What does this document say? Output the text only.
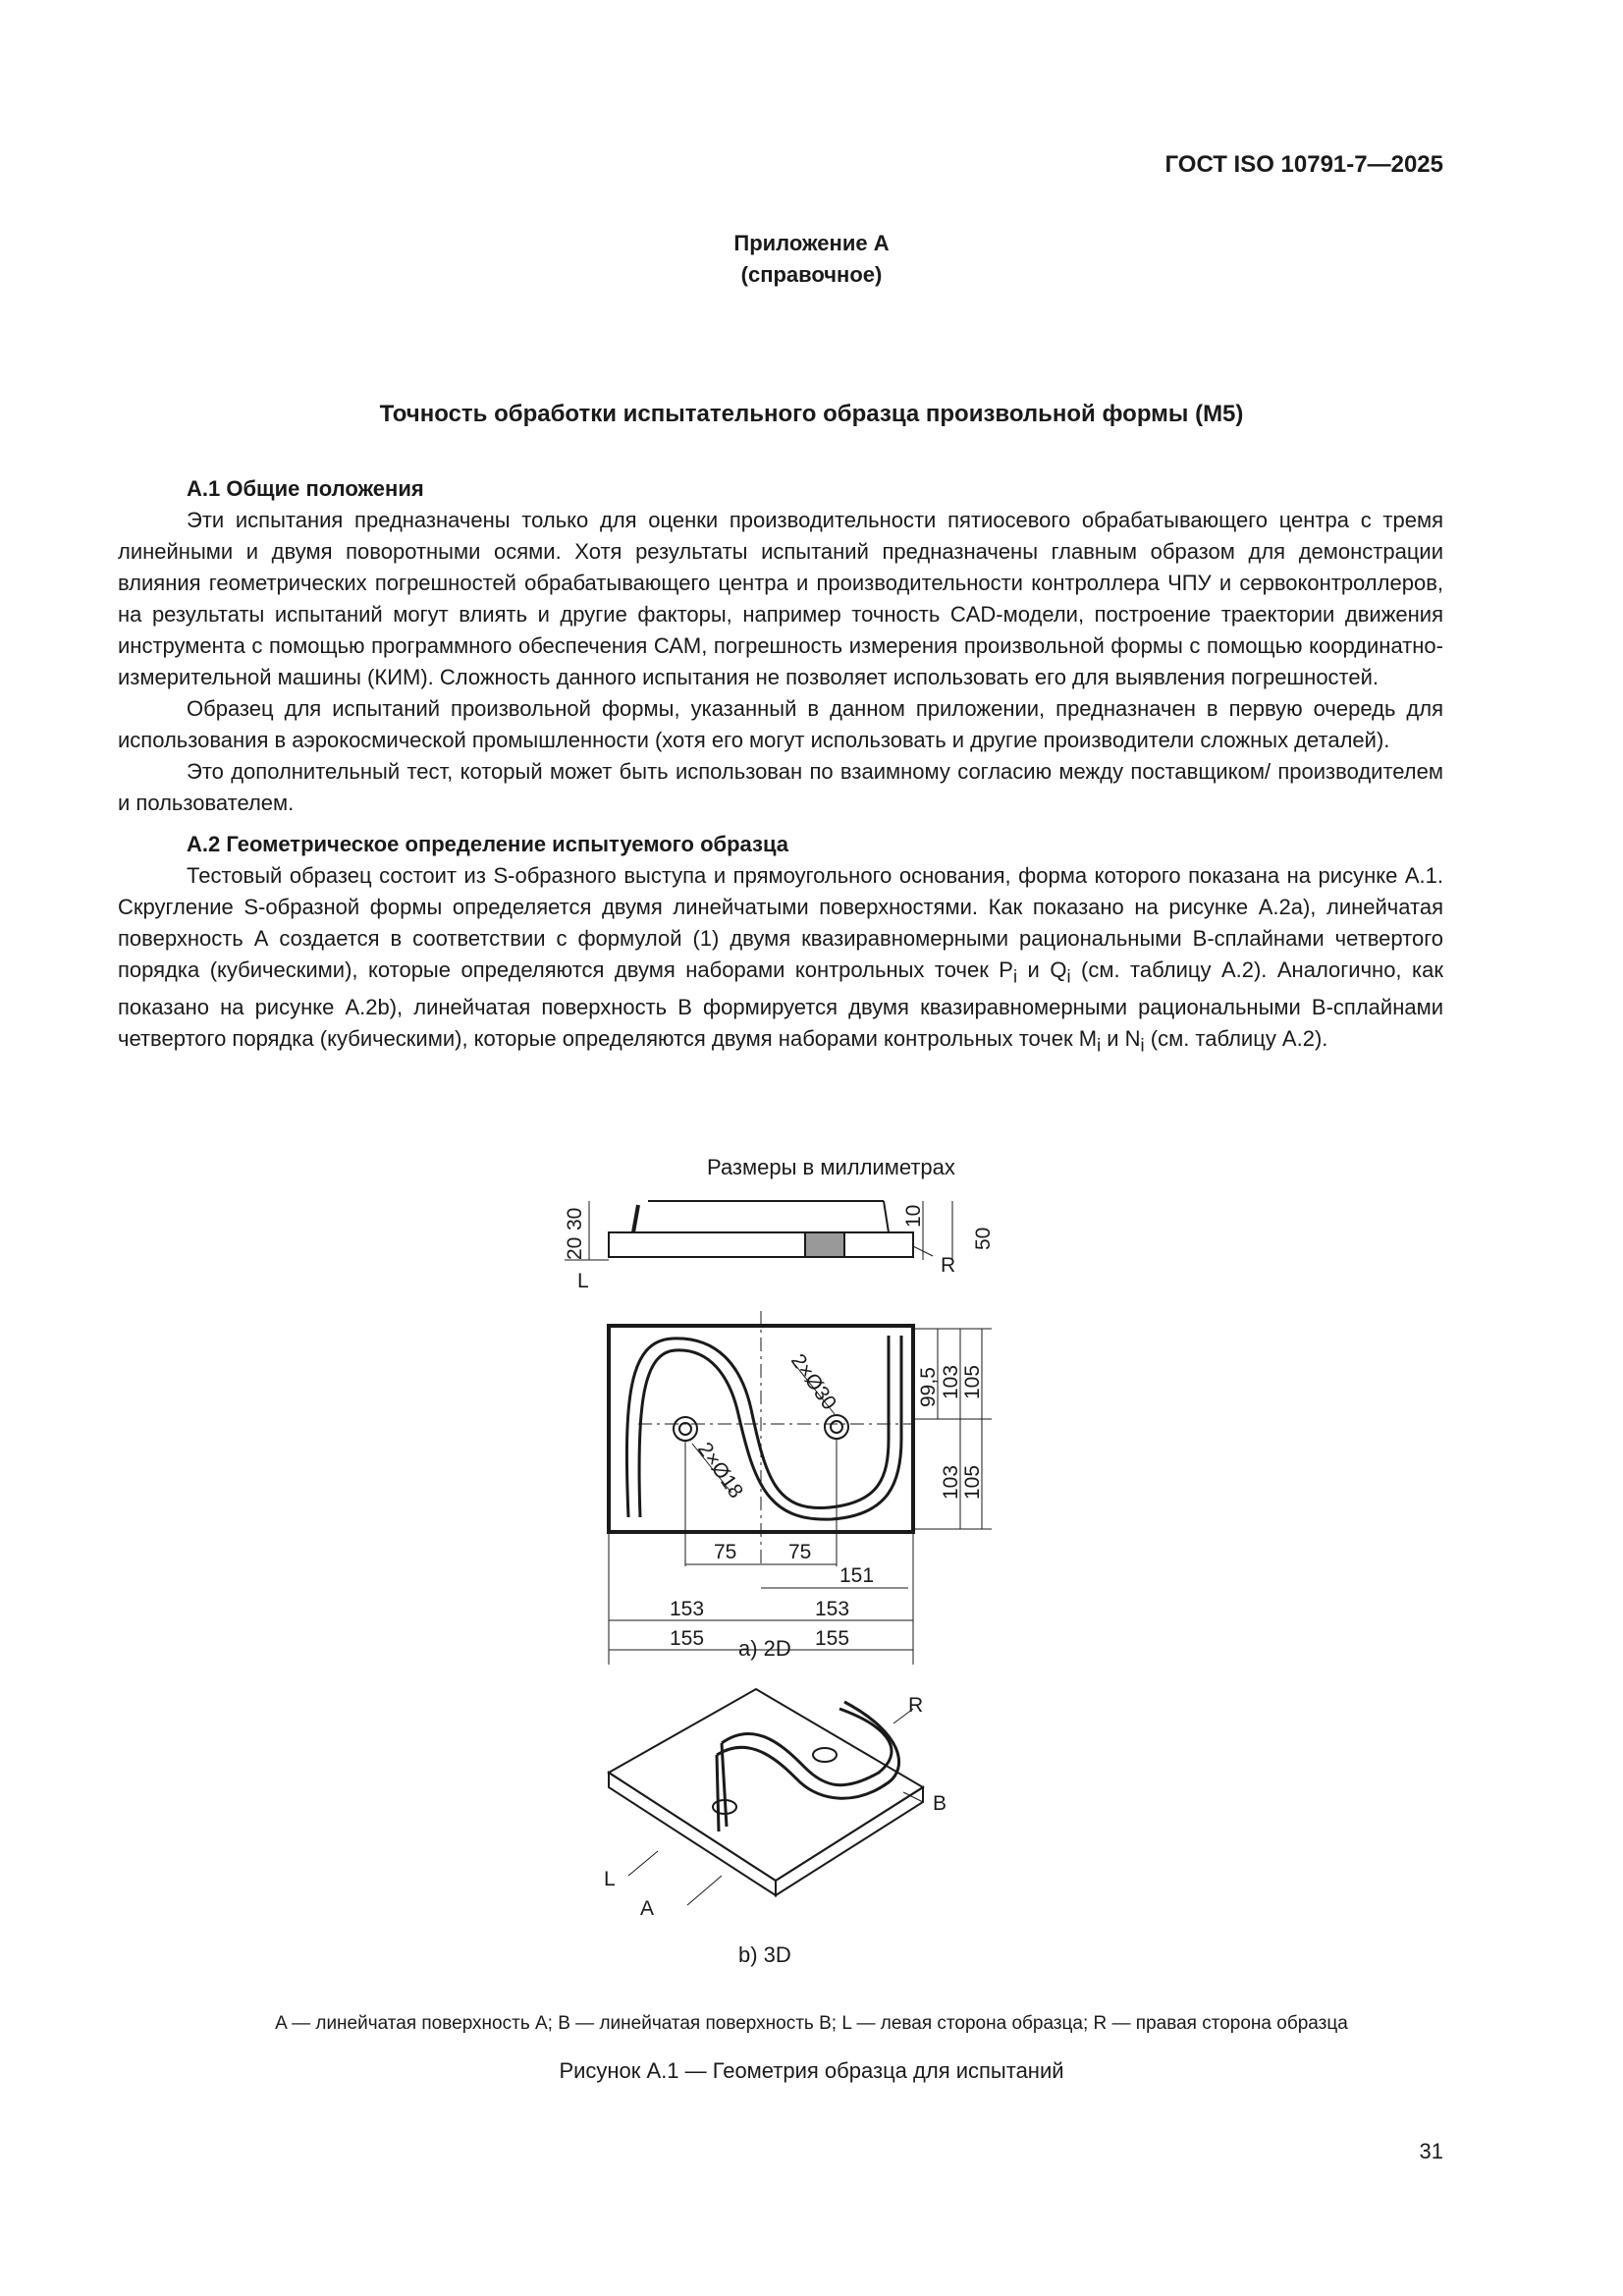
ГОСТ ISO 10791-7—2025
Приложение А
(справочное)
Точность обработки испытательного образца произвольной формы (М5)
A.1 Общие положения

Эти испытания предназначены только для оценки производительности пятиосевого обрабатывающего центра с тремя линейными и двумя поворотными осями. Хотя результаты испытаний предназначены главным образом для демонстрации влияния геометрических погрешностей обрабатывающего центра и производительности контроллера ЧПУ и сервоконтроллеров, на результаты испытаний могут влиять и другие факторы, например точность CAD-модели, построение траектории движения инструмента с помощью программного обеспечения САМ, погрешность измерения произвольной формы с помощью координатно-измерительной машины (КИМ). Сложность данного испытания не позволяет использовать его для выявления погрешностей.

Образец для испытаний произвольной формы, указанный в данном приложении, предназначен в первую очередь для использования в аэрокосмической промышленности (хотя его могут использовать и другие производители сложных деталей).

Это дополнительный тест, который может быть использован по взаимному согласию между поставщиком/ производителем и пользователем.

A.2 Геометрическое определение испытуемого образца

Тестовый образец состоит из S-образного выступа и прямоугольного основания, форма которого показана на рисунке А.1. Скругление S-образной формы определяется двумя линейчатыми поверхностями. Как показано на рисунке А.2а), линейчатая поверхность А создается в соответствии с формулой (1) двумя квазиравномерными рациональными В-сплайнами четвертого порядка (кубическими), которые определяются двумя наборами контрольных точек $P_i$ и $Q_i$ (см. таблицу А.2). Аналогично, как показано на рисунке А.2b), линейчатая поверхность В формируется двумя квазиравномерными рациональными В-сплайнами четвертого порядка (кубическими), которые определяются двумя наборами контрольных точек $M_i$ и $N_i$ (см. таблицу А.2).

Размеры в миллиметрах
30
20
10
50
L
R
99,5 103 105
103 105
75	75
151
153	153
155	155
2×Ø30
2×Ø18
R
B
L
A
а) 2D
b) 3D
A — линейчатая поверхность A; B — линейчатая поверхность B; L — левая сторона образца; R — правая сторона образца
Рисунок А.1 — Геометрия образца для испытаний
31
